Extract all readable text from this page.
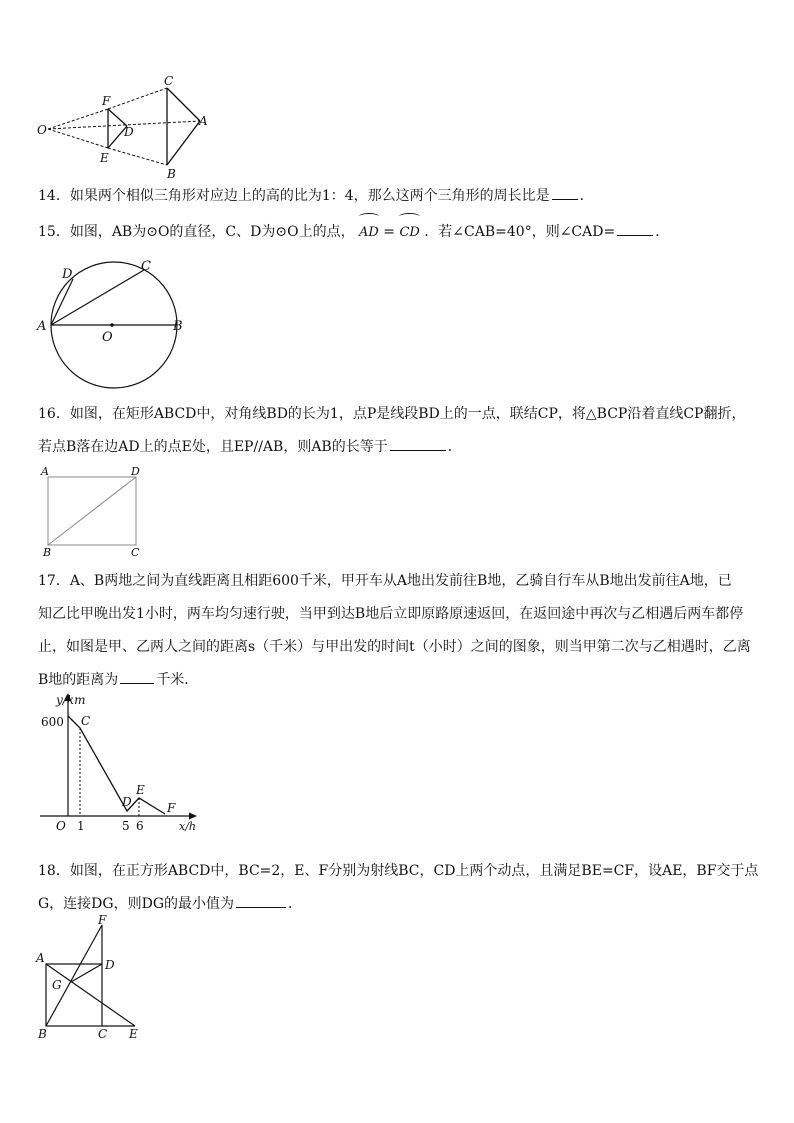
O
F
E
D
C
A
B

14．如果两个相似三角形对应边上的高的比为1：4，那么这两个三角形的周长比是 ．

15．如图，AB为⊙O的直径，C、D为⊙O上的点， AD = CD ．若∠CAB=40°，则∠CAD=	．

D
C
A	B
O

16．如图，在矩形ABCD中，对角线BD的长为1，点P是线段BD上的一点，联结CP，将△BCP沿着直线CP翻折，
若点B落在边AD上的点E处，且EP//AB，则AB的长等于	．

A	D
B	C

17．A、B两地之间为直线距离且相距600千米，甲开车从A地出发前往B地，乙骑自行车从B地出发前往A地，已
知乙比甲晚出发1小时，两车均匀速行驶，当甲到达B地后立即原路原速返回，在返回途中再次与乙相遇后两车都停
止，如图是甲、乙两人之间的距离s（千米）与甲出发的时间t（小时）之间的图象，则当甲第二次与乙相遇时，乙离
B地的距离为	千米．

y/km
x/h
O
600
1	5 6
C
D
E
F

18．如图，在正方形ABCD中，BC=2，E、F分别为射线BC，CD上两个动点，且满足BE=CF，设AE，BF交于点
G，连接DG，则DG的最小值为	．

F
A	D
G
B	C E
